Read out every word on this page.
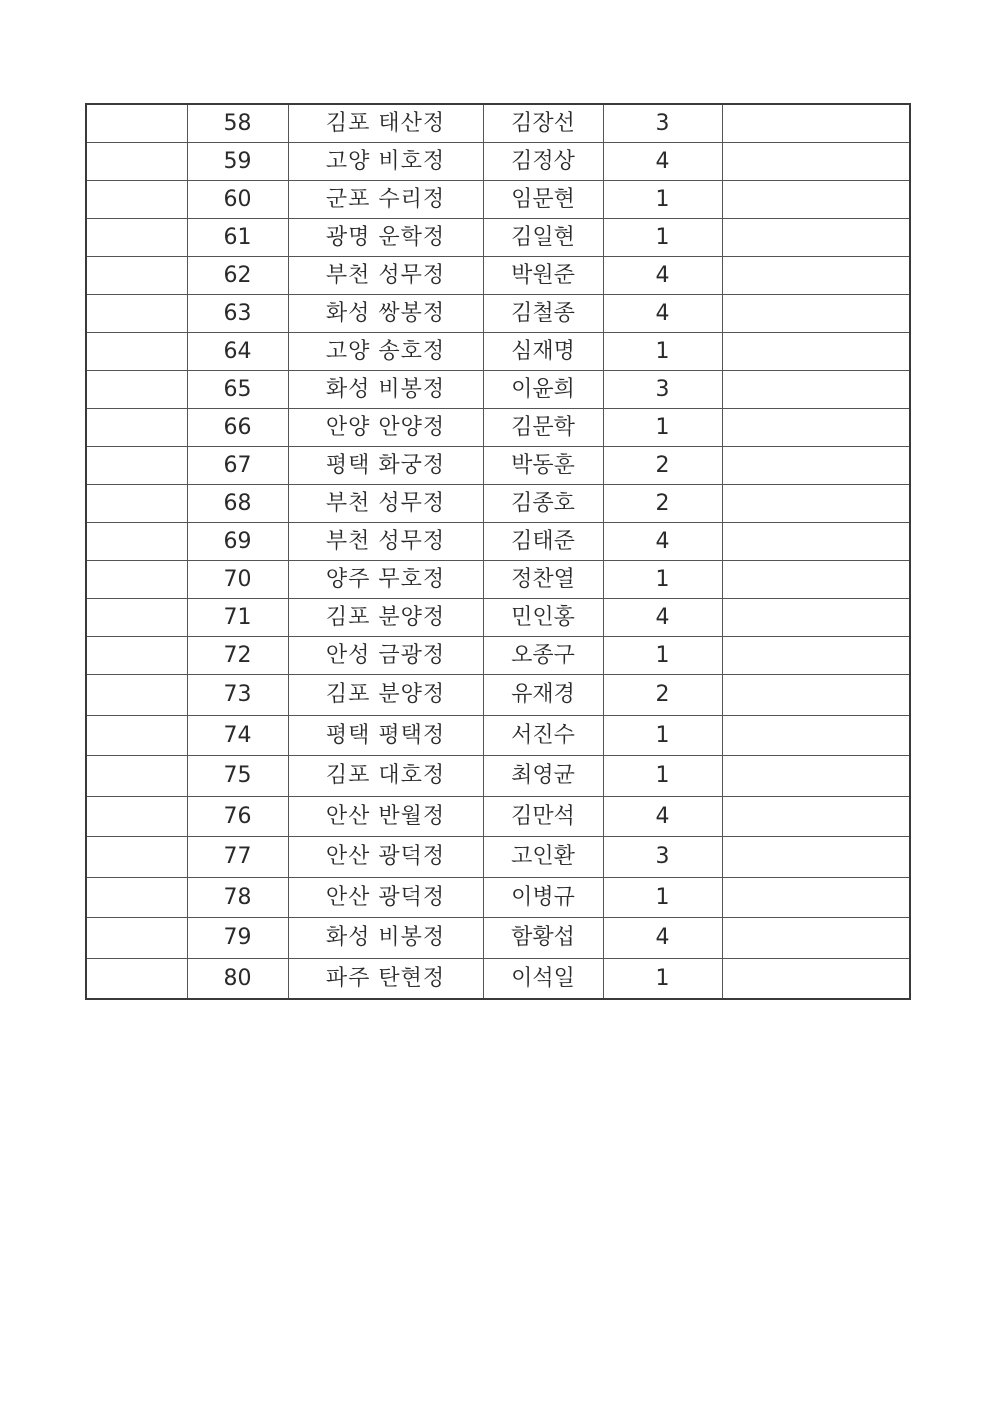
	58	김포 태산정	김장선	3	
	59	고양 비호정	김정상	4	
	60	군포 수리정	임문현	1	
	61	광명 운학정	김일현	1	
	62	부천 성무정	박원준	4	
	63	화성 쌍봉정	김철종	4	
	64	고양 송호정	심재명	1	
	65	화성 비봉정	이윤희	3	
	66	안양 안양정	김문학	1	
	67	평택 화궁정	박동훈	2	
	68	부천 성무정	김종호	2	
	69	부천 성무정	김태준	4	
	70	양주 무호정	정찬열	1	
	71	김포 분양정	민인홍	4	
	72	안성 금광정	오종구	1	
	73	김포 분양정	유재경	2	
	74	평택 평택정	서진수	1	
	75	김포 대호정	최영균	1	
	76	안산 반월정	김만석	4	
	77	안산 광덕정	고인환	3	
	78	안산 광덕정	이병규	1	
	79	화성 비봉정	함황섭	4	
	80	파주 탄현정	이석일	1	
